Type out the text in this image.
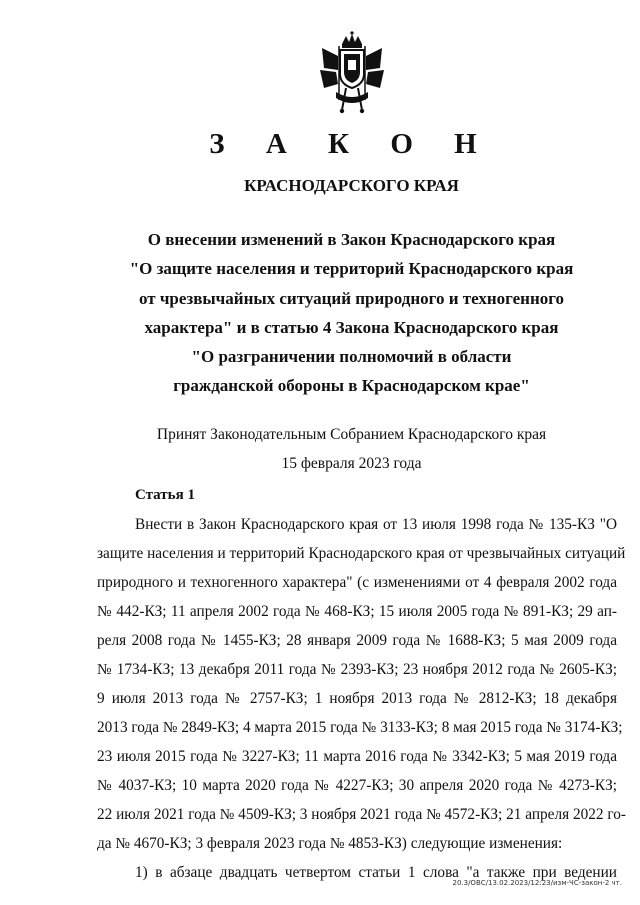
З А К О Н
КРАСНОДАРСКОГО КРАЯ
О внесении изменений в Закон Краснодарского края
"О защите населения и территорий Краснодарского края
от чрезвычайных ситуаций природного и техногенного
характера" и в статью 4 Закона Краснодарского края
"О разграничении полномочий в области
гражданской обороны в Краснодарском крае"
Принят Законодательным Собранием Краснодарского края
15 февраля 2023 года
Статья 1
Внести в Закон Краснодарского края от 13 июля 1998 года № 135-КЗ "О
защите населения и территорий Краснодарского края от чрезвычайных ситуаций
природного и техногенного характера" (с изменениями от 4 февраля 2002 года
№ 442-КЗ; 11 апреля 2002 года № 468-КЗ; 15 июля 2005 года № 891-КЗ; 29 ап-
реля 2008 года № 1455-КЗ; 28 января 2009 года № 1688-КЗ; 5 мая 2009 года
№ 1734-КЗ; 13 декабря 2011 года № 2393-КЗ; 23 ноября 2012 года № 2605-КЗ;
9 июля 2013 года № 2757-КЗ; 1 ноября 2013 года № 2812-КЗ; 18 декабря
2013 года № 2849-КЗ; 4 марта 2015 года № 3133-КЗ; 8 мая 2015 года № 3174-КЗ;
23 июля 2015 года № 3227-КЗ; 11 марта 2016 года № 3342-КЗ; 5 мая 2019 года
№ 4037-КЗ; 10 марта 2020 года № 4227-КЗ; 30 апреля 2020 года № 4273-КЗ;
22 июля 2021 года № 4509-КЗ; 3 ноября 2021 года № 4572-КЗ; 21 апреля 2022 го-
да № 4670-КЗ; 3 февраля 2023 года № 4853-КЗ) следующие изменения:
1) в абзаце двадцать четвертом статьи 1 слова "а также при ведении
20.3/ОВС/13.02.2023/12:23/изм-ЧС-закон-2 чт.
